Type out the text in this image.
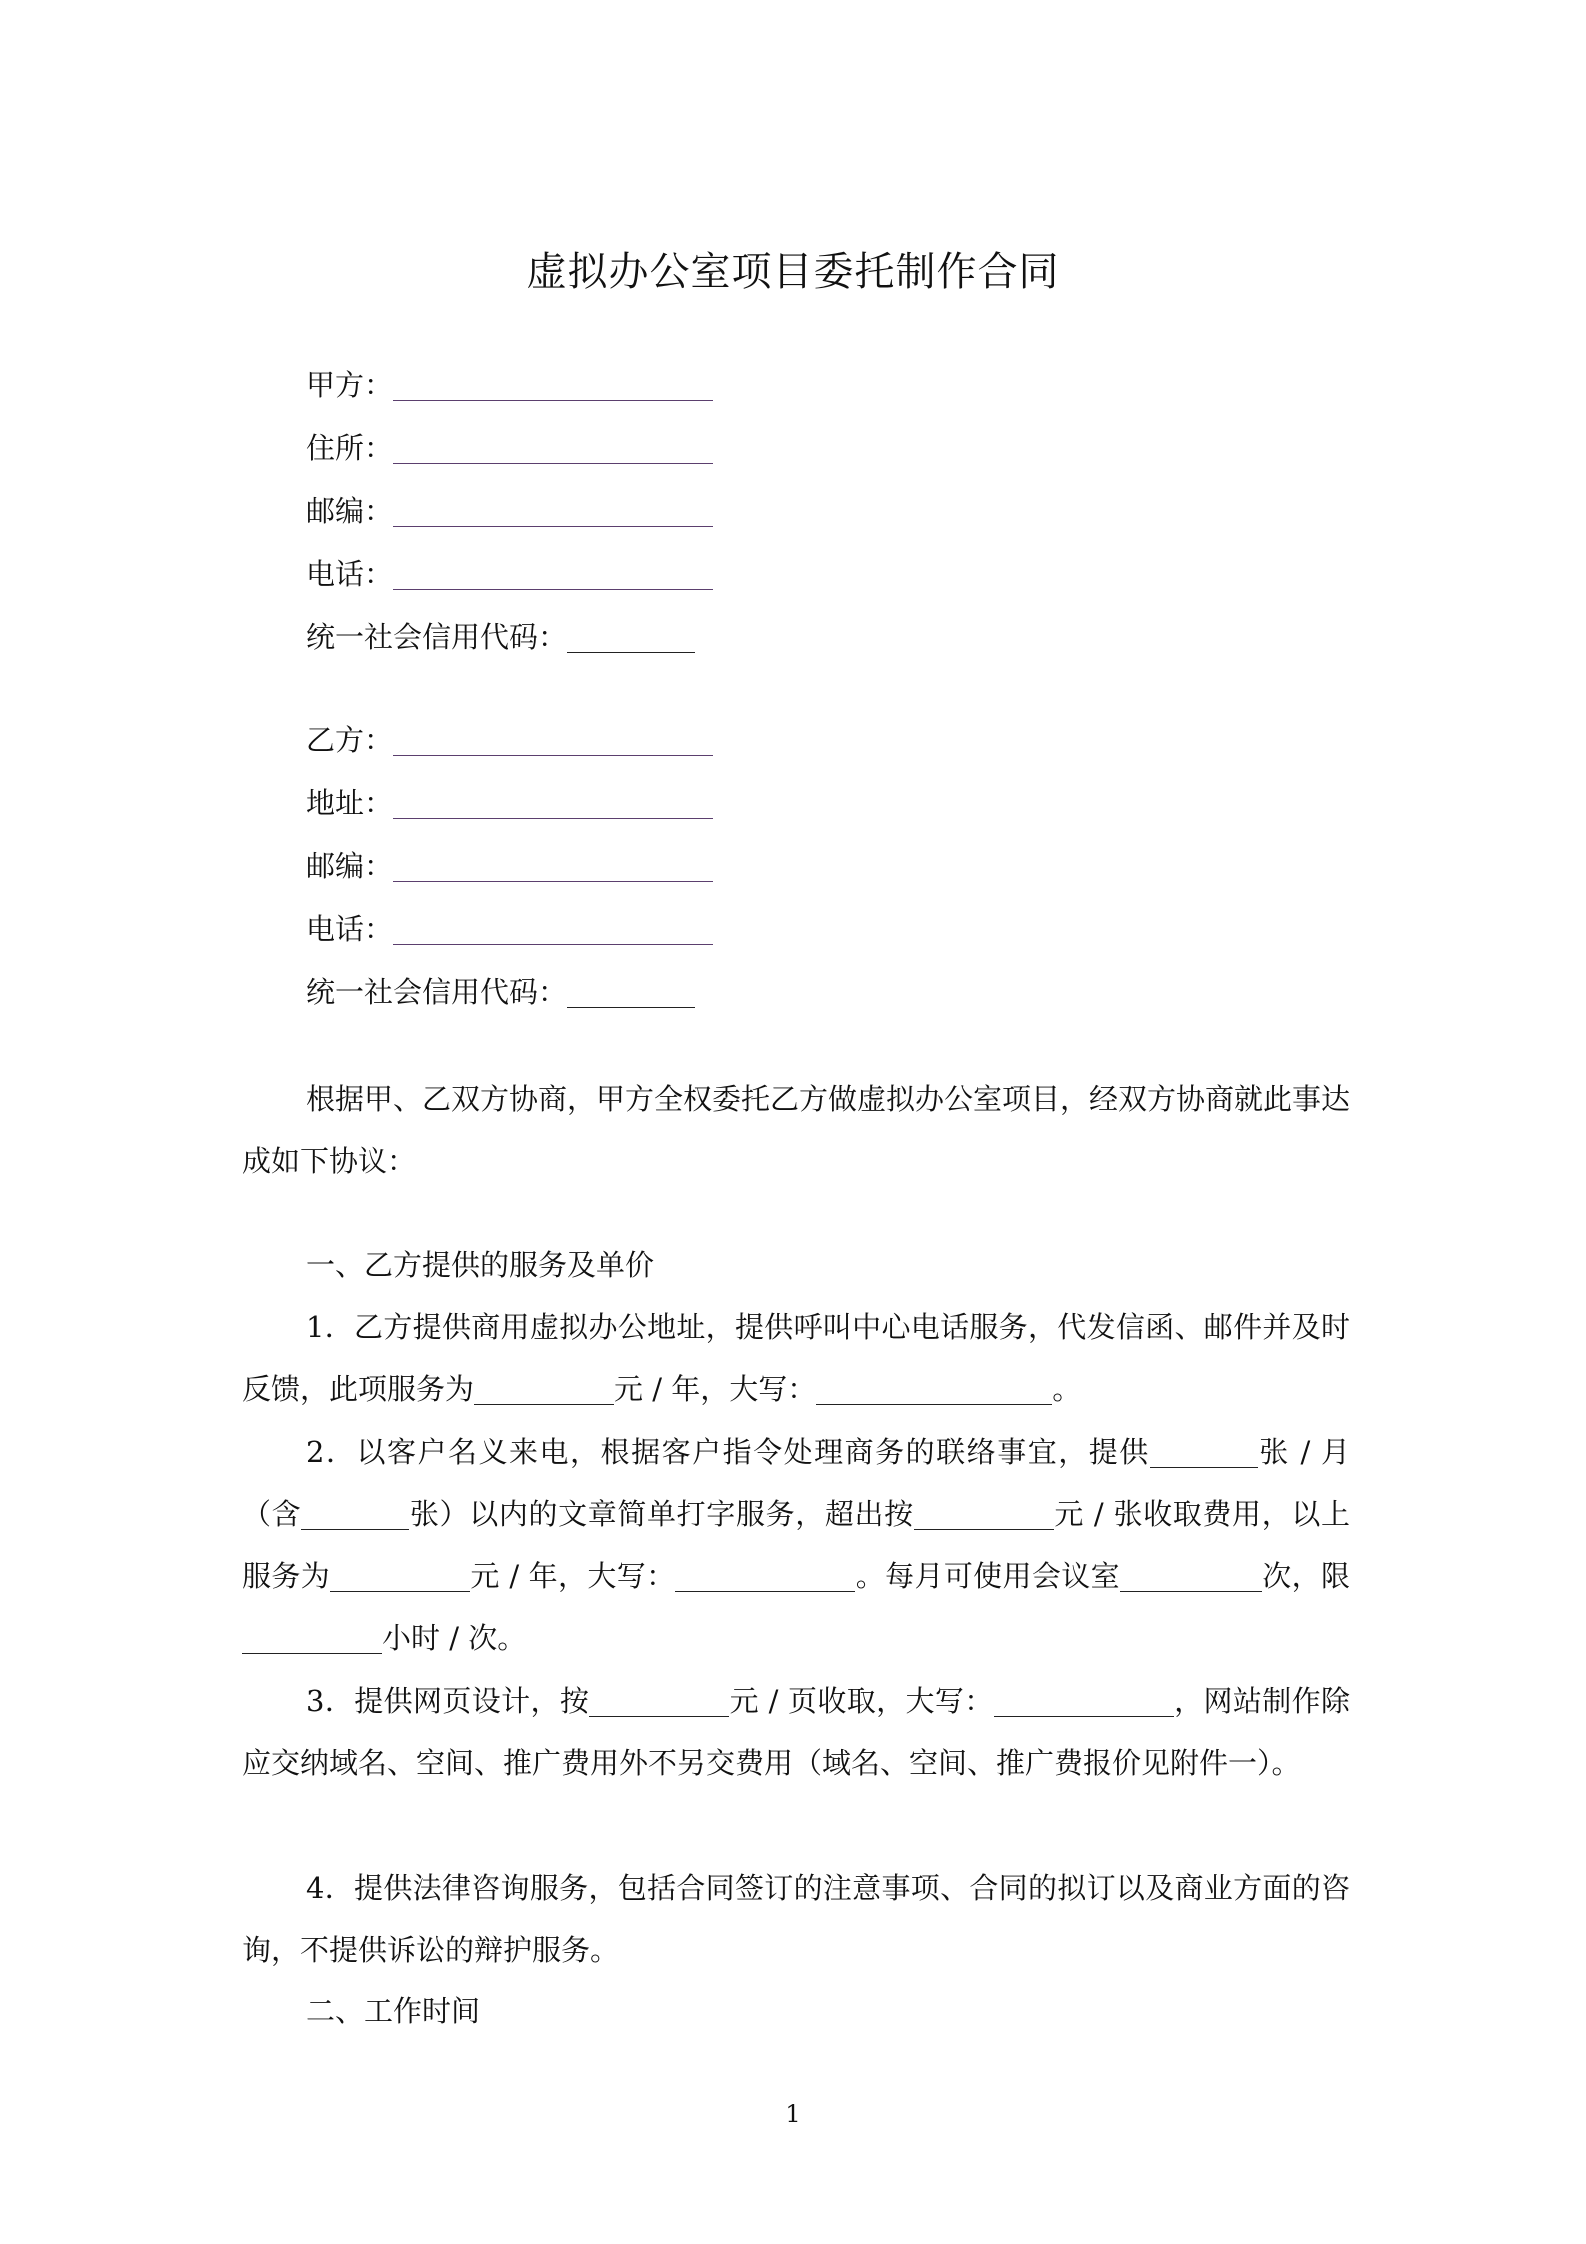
虚拟办公室项目委托制作合同
甲方：
住所：
邮编：
电话：
统一社会信用代码：
乙方：
地址：
邮编：
电话：
统一社会信用代码：
根据甲、乙双方协商，甲方全权委托乙方做虚拟办公室项目，经双方协商就此事达成如下协议：
一、乙方提供的服务及单价
1．乙方提供商用虚拟办公地址，提供呼叫中心电话服务，代发信函、邮件并及时反馈，此项服务为	元 / 年，大写：	。
2．以客户名义来电，根据客户指令处理商务的联络事宜，提供	张 / 月（含	张）以内的文章简单打字服务，超出按	元 / 张收取费用，以上服务为	元 / 年，大写：	。每月可使用会议室	次，限小时 / 次。
3．提供网页设计，按	元 / 页收取，大写：	，网站制作除应交纳域名、空间、推广费用外不另交费用（域名、空间、推广费报价见附件一）。
4．提供法律咨询服务，包括合同签订的注意事项、合同的拟订以及商业方面的咨询，不提供诉讼的辩护服务。
二、工作时间
1
